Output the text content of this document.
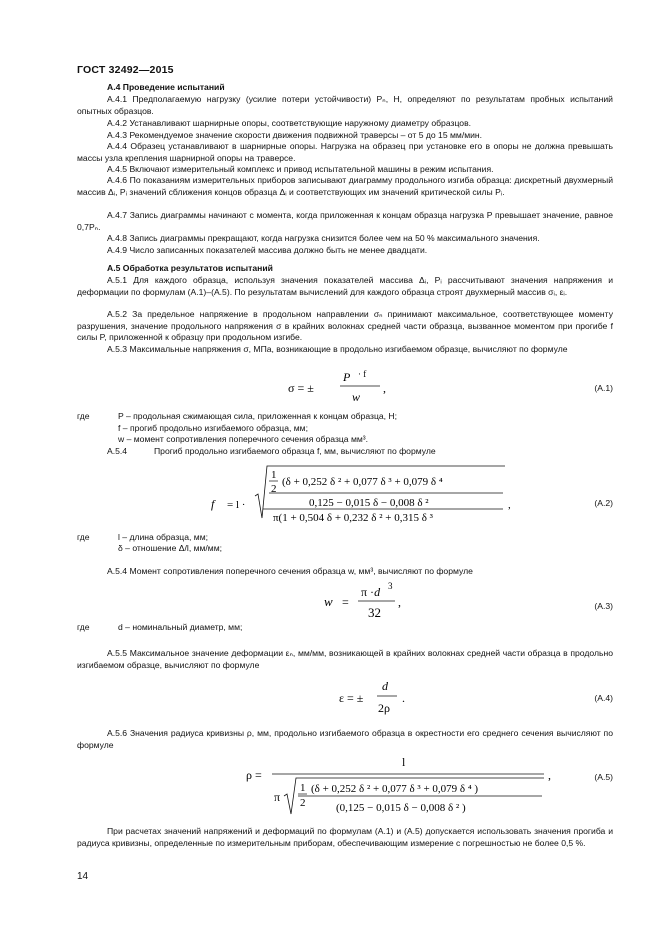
ГОСТ 32492—2015
А.4 Проведение испытаний
А.4.1 Предполагаемую нагрузку (усилие потери устойчивости) Pₙ, Н, определяют по результатам пробных испытаний опытных образцов.
А.4.2 Устанавливают шарнирные опоры, соответствующие наружному диаметру образцов.
А.4.3 Рекомендуемое значение скорости движения подвижной траверсы – от 5 до 15 мм/мин.
А.4.4 Образец устанавливают в шарнирные опоры. Нагрузка на образец при установке его в опоры не должна превышать массы узла крепления шарнирной опоры на траверсе.
А.4.5 Включают измерительный комплекс и привод испытательной машины в режим испытания.
А.4.6 По показаниям измерительных приборов записывают диаграмму продольного изгиба образца: дискретный двухмерный массив Δᵢ, Pᵢ значений сближения концов образца Δᵢ и соответствующих им значений критической силы Pᵢ.
А.4.7 Запись диаграммы начинают с момента, когда приложенная к концам образца нагрузка P превышает значение, равное 0,7Pₙ.
А.4.8 Запись диаграммы прекращают, когда нагрузка снизится более чем на 50 % максимального значения.
А.4.9 Число записанных показателей массива должно быть не менее двадцати.
А.5 Обработка результатов испытаний
А.5.1 Для каждого образца, используя значения показателей массива Δᵢ, Pᵢ рассчитывают значения напряжения и деформации по формулам (А.1)–(А.5). По результатам вычислений для каждого образца строят двухмерный массив σᵢ, εᵢ.
А.5.2 За предельное напряжение в продольном направлении σₙ принимают максимальное, соответствующее моменту разрушения, значение продольного напряжения σ в крайних волокнах средней части образца, вызванное моментом при прогибе f силы P, приложенной к образцу при продольном изгибе.
А.5.3 Максимальные напряжения σ, МПа, возникающие в продольно изгибаемом образце, вычисляют по формуле
σ = ±
P · f
w
,	(А.1)
где	P – продольная сжимающая сила, приложенная к концам образца, Н;
f – прогиб продольно изгибаемого образца, мм;
w – момент сопротивления поперечного сечения образца мм³.
А.5.4	Прогиб продольно изгибаемого образца f, мм, вычисляют по формуле
f = l ·
1
2
(δ + 0,252 δ ² + 0,077 δ ³ + 0,079 δ ⁴
0,125 − 0,015 δ − 0,008 δ ²
π(1 + 0,504 δ + 0,232 δ ² + 0,315 δ ³
,	(А.2)
где	l – длина образца, мм;
δ – отношение Δ/l, мм/мм;
А.5.4 Момент сопротивления поперечного сечения образца w, мм³, вычисляют по формуле
w =
π ·d 3
32
,	(А.3)
где	d – номинальный диаметр, мм;
А.5.5 Максимальное значение деформации εₙ, мм/мм, возникающей в крайних волокнах средней части образца в продольно изгибаемом образце, вычисляют по формуле
ε = ±
d
2ρ
.	(А.4)
А.5.6 Значения радиуса кривизны ρ, мм, продольно изгибаемого образца в окрестности его среднего сечения вычисляют по формуле
ρ =
l
π
1
2
(δ + 0,252 δ ² + 0,077 δ ³ + 0,079 δ ⁴ )
(0,125 − 0,015 δ − 0,008 δ ² )
,	(А.5)
При расчетах значений напряжений и деформаций по формулам (А.1) и (А.5) допускается использовать значения прогиба и радиуса кривизны, определенные по измерительным приборам, обеспечивающим измерение с погрешностью не более 0,5 %.
14
